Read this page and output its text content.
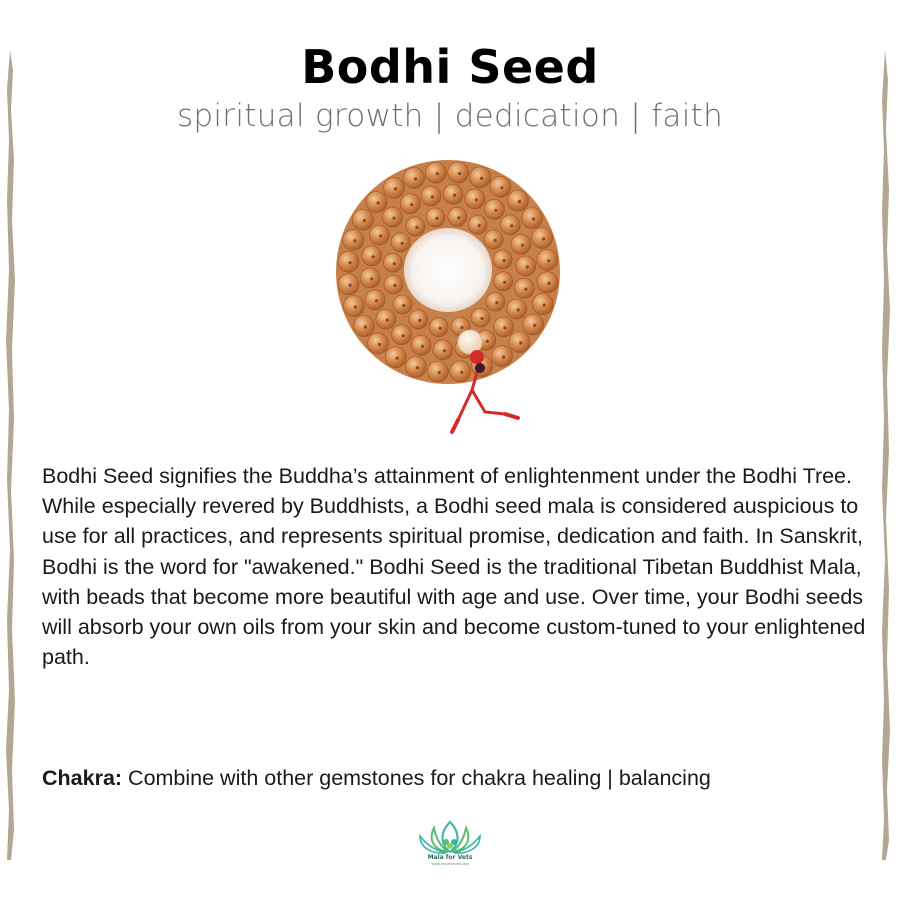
Bodhi Seed
spiritual growth | dedication | faith

Bodhi Seed signifies the Buddha’s attainment of enlightenment under the Bodhi Tree. While especially revered by Buddhists, a Bodhi seed mala is considered auspicious to use for all practices, and represents spiritual promise, dedication and faith. In Sanskrit, Bodhi is the word for "awakened." Bodhi Seed is the traditional Tibetan Buddhist Mala, with beads that become more beautiful with age and use. Over time, your Bodhi seeds will absorb your own oils from your skin and become custom-tuned to your enlightened path.

Chakra: Combine with other gemstones for chakra healing | balancing

Mala for Vets
www.malaforvets.org
